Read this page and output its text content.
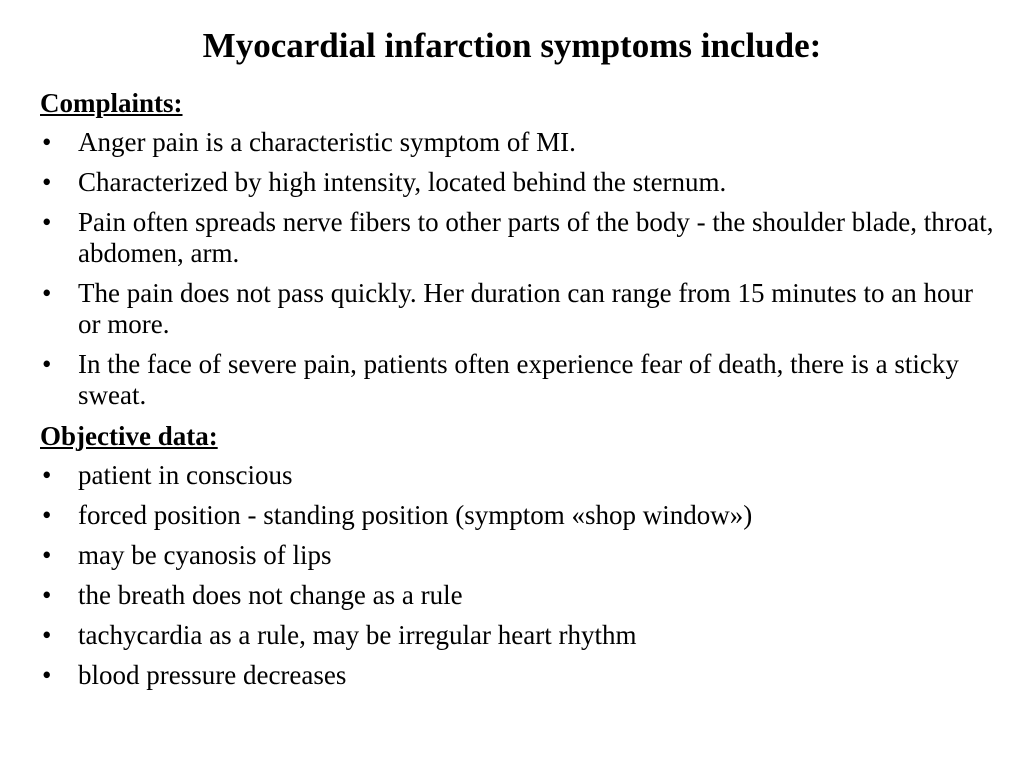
Myocardial infarction symptoms include:
Complaints:
• Anger pain is a characteristic symptom of MI.
• Characterized by high intensity, located behind the sternum.
• Pain often spreads nerve fibers to other parts of the body - the shoulder blade, throat, abdomen, arm.
• The pain does not pass quickly. Her duration can range from 15 minutes to an hour or more.
• In the face of severe pain, patients often experience fear of death, there is a sticky sweat.
Objective data:
• patient in conscious
• forced position - standing position (symptom «shop window»)
• may be cyanosis of lips
• the breath does not change as a rule
• tachycardia as a rule, may be irregular heart rhythm
• blood pressure decreases
